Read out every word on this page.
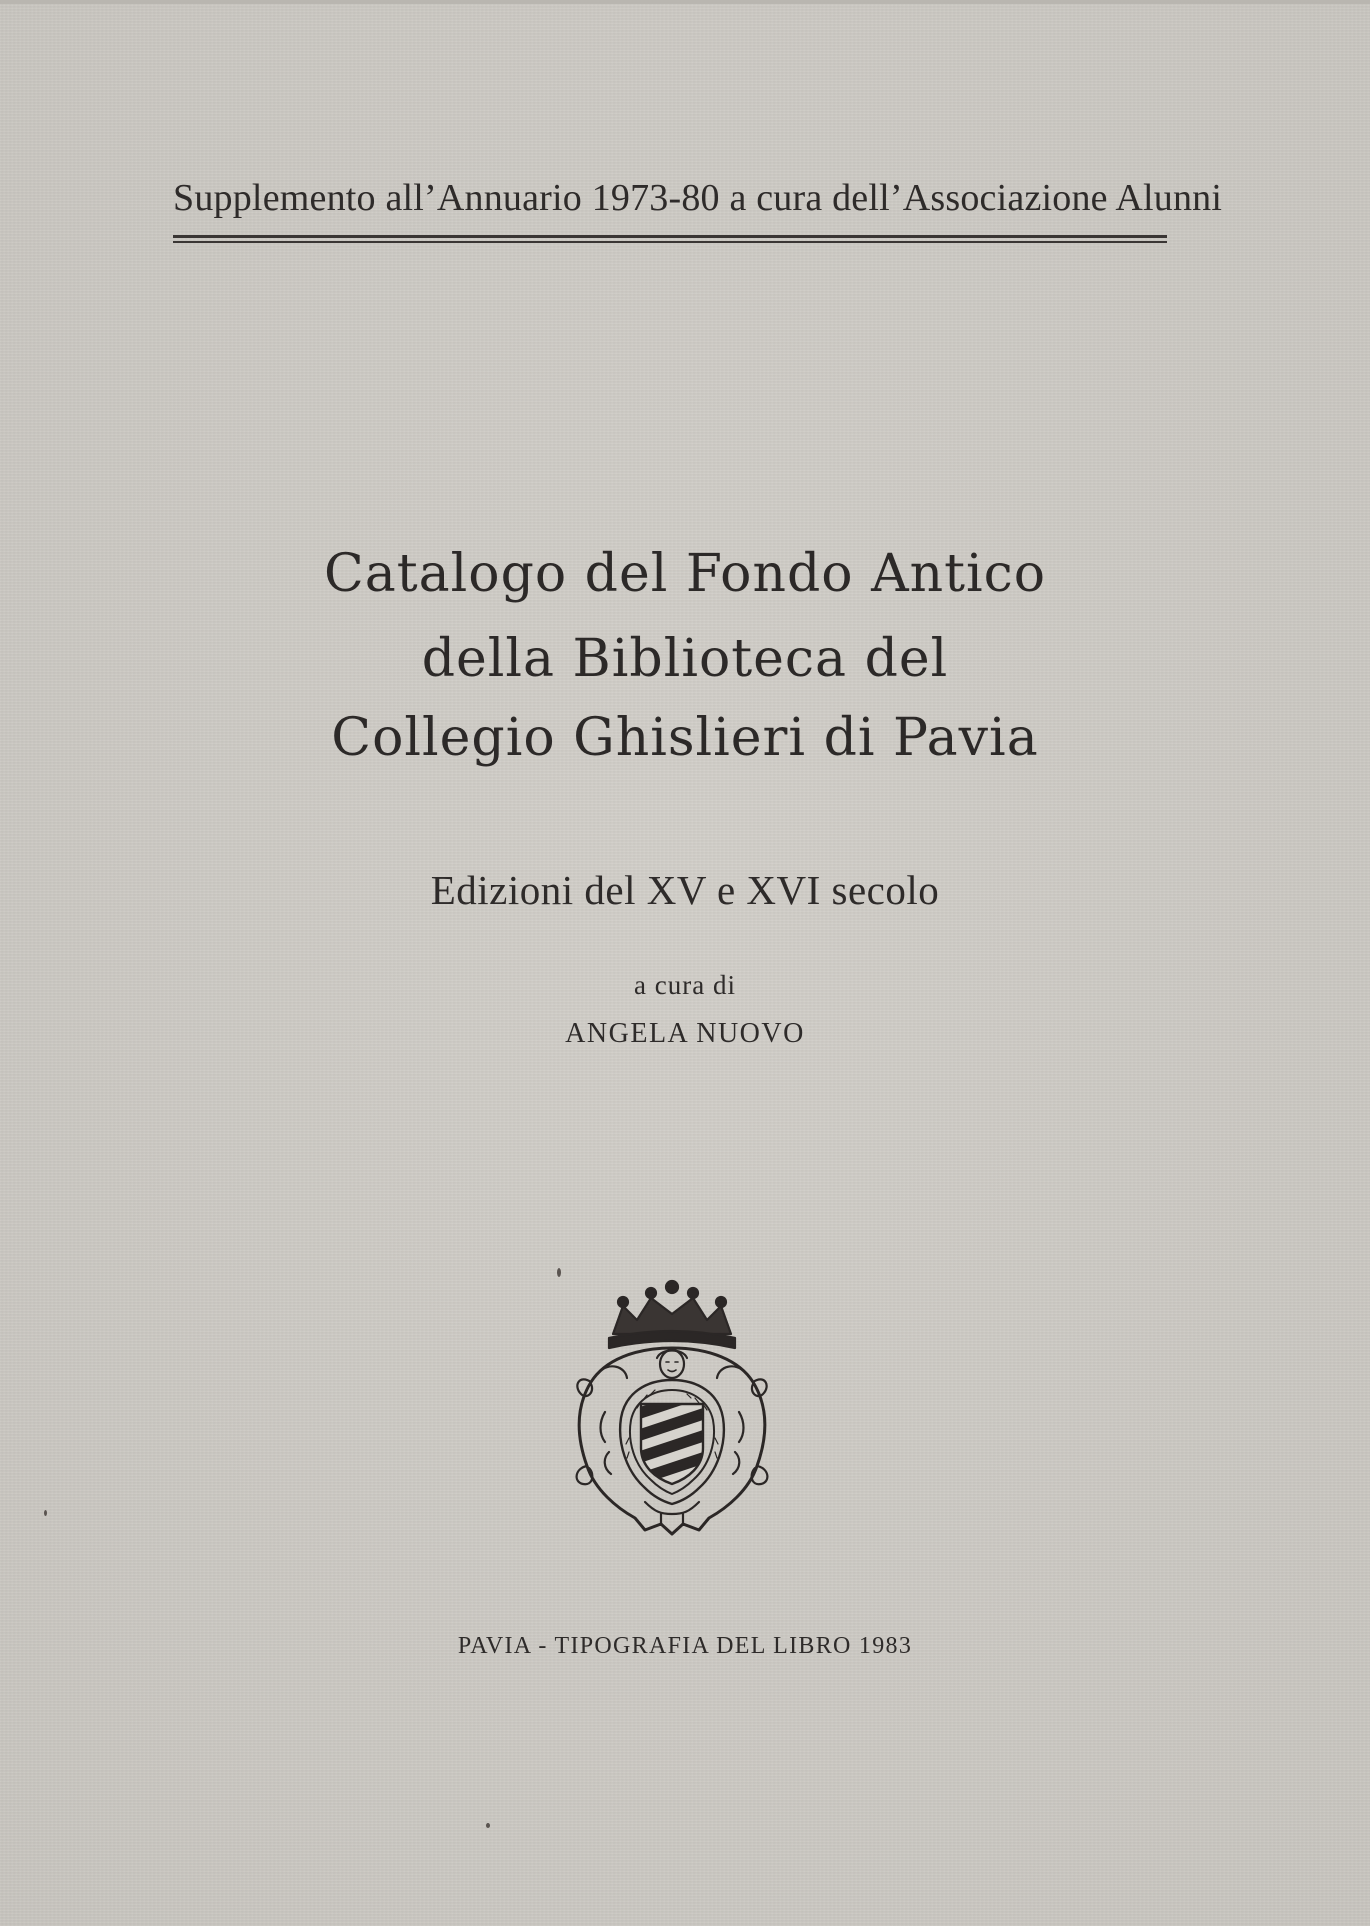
Supplemento all’Annuario 1973-80 a cura dell’Associazione Alunni
Catalogo del Fondo Antico
della Biblioteca del
Collegio Ghislieri di Pavia
Edizioni del XV e XVI secolo
a cura di
ANGELA NUOVO
PAVIA - TIPOGRAFIA DEL LIBRO 1983
